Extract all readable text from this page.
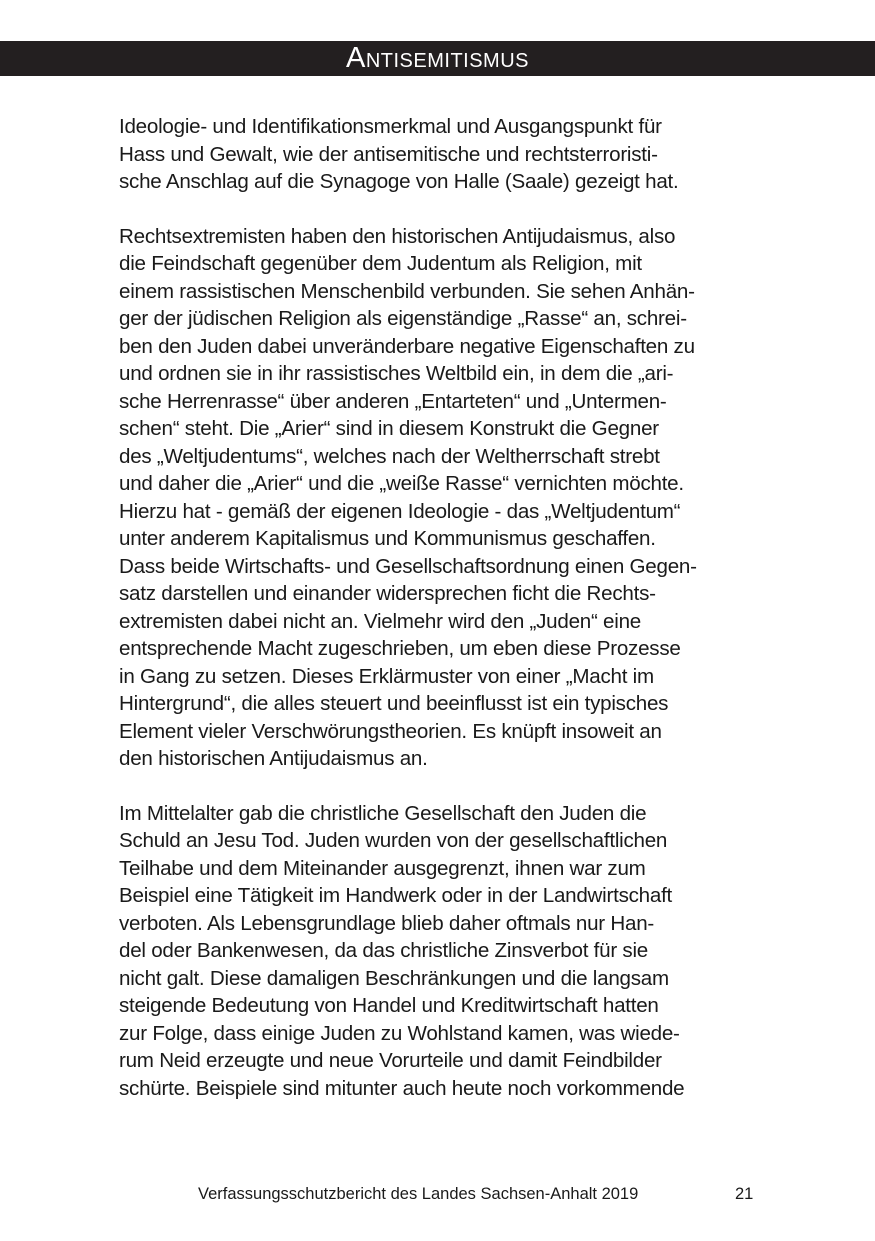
Antisemitismus

Ideologie- und Identifikationsmerkmal und Ausgangspunkt für
Hass und Gewalt, wie der antisemitische und rechtsterroristi-
sche Anschlag auf die Synagoge von Halle (Saale) gezeigt hat.

Rechtsextremisten haben den historischen Antijudaismus, also
die Feindschaft gegenüber dem Judentum als Religion, mit
einem rassistischen Menschenbild verbunden. Sie sehen Anhän-
ger der jüdischen Religion als eigenständige „Rasse“ an, schrei-
ben den Juden dabei unveränderbare negative Eigenschaften zu
und ordnen sie in ihr rassistisches Weltbild ein, in dem die „ari-
sche Herrenrasse“ über anderen „Entarteten“ und „Untermen-
schen“ steht. Die „Arier“ sind in diesem Konstrukt die Gegner
des „Weltjudentums“, welches nach der Weltherrschaft strebt
und daher die „Arier“ und die „weiße Rasse“ vernichten möchte.
Hierzu hat - gemäß der eigenen Ideologie - das „Weltjudentum“
unter anderem Kapitalismus und Kommunismus geschaffen.
Dass beide Wirtschafts- und Gesellschaftsordnung einen Gegen-
satz darstellen und einander widersprechen ficht die Rechts-
extremisten dabei nicht an. Vielmehr wird den „Juden“ eine
entsprechende Macht zugeschrieben, um eben diese Prozesse
in Gang zu setzen. Dieses Erklärmuster von einer „Macht im
Hintergrund“, die alles steuert und beeinflusst ist ein typisches
Element vieler Verschwörungstheorien. Es knüpft insoweit an
den historischen Antijudaismus an.

Im Mittelalter gab die christliche Gesellschaft den Juden die
Schuld an Jesu Tod. Juden wurden von der gesellschaftlichen
Teilhabe und dem Miteinander ausgegrenzt, ihnen war zum
Beispiel eine Tätigkeit im Handwerk oder in der Landwirtschaft
verboten. Als Lebensgrundlage blieb daher oftmals nur Han-
del oder Bankenwesen, da das christliche Zinsverbot für sie
nicht galt. Diese damaligen Beschränkungen und die langsam
steigende Bedeutung von Handel und Kreditwirtschaft hatten
zur Folge, dass einige Juden zu Wohlstand kamen, was wiede-
rum Neid erzeugte und neue Vorurteile und damit Feindbilder
schürte. Beispiele sind mitunter auch heute noch vorkommende

Verfassungsschutzbericht des Landes Sachsen-Anhalt 2019	21
